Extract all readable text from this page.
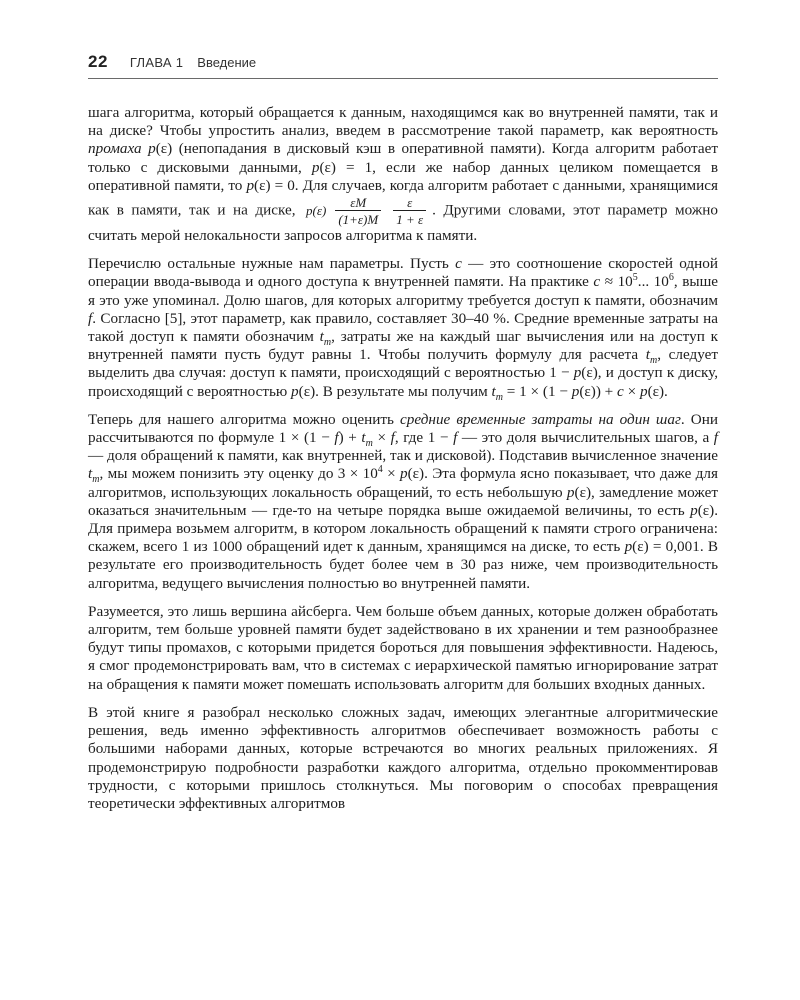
22 ГЛАВА 1 Введение

шага алгоритма, который обращается к данным, находящимся как во внутренней памяти, так и на диске? Чтобы упростить анализ, введем в рассмотрение такой параметр, как вероятность промаха p(ε) (непопадания в дисковый кэш в оперативной памяти). Когда алгоритм работает только с дисковыми данными, p(ε) = 1, если же набор данных целиком помещается в оперативной памяти, то p(ε) = 0. Для случаев, когда алгоритм работает с данными, хранящимися как в памяти, так и на диске, $p(\varepsilon) \frac{\varepsilon M}{(1+\varepsilon)M} \frac{\varepsilon}{1 + \varepsilon}$ . Другими словами, этот параметр можно считать мерой нелокальности запросов алгоритма к памяти.

Перечислю остальные нужные нам параметры. Пусть c — это соотношение скоростей одной операции ввода-вывода и одного доступа к внутренней памяти. На практике $c \approx 10^5$... $10^6$, выше я это уже упоминал. Долю шагов, для которых алгоритму требуется доступ к памяти, обозначим f. Согласно [5], этот параметр, как правило, составляет 30–40 %. Средние временные затраты на такой доступ к памяти обозначим $t_m$, затраты же на каждый шаг вычисления или на доступ к внутренней памяти пусть будут равны 1. Чтобы получить формулу для расчета $t_m$, следует выделить два случая: доступ к памяти, происходящий с вероятностью 1 − p(ε), и доступ к диску, происходящий с вероятностью p(ε). В результате мы получим $t_m = 1 \times (1 - p(\varepsilon)) + c \times p(\varepsilon)$.

Теперь для нашего алгоритма можно оценить средние временные затраты на один шаг. Они рассчитываются по формуле $1 \times (1 - f) + t_m \times f$, где 1 − f — это доля вычислительных шагов, а f — доля обращений к памяти, как внутренней, так и дисковой). Подставив вычисленное значение $t_m$, мы можем понизить эту оценку до $3 \times 10^4 \times p(\varepsilon)$. Эта формула ясно показывает, что даже для алгоритмов, использующих локальность обращений, то есть небольшую p(ε), замедление может оказаться значительным — где-то на четыре порядка выше ожидаемой величины, то есть p(ε). Для примера возьмем алгоритм, в котором локальность обращений к памяти строго ограничена: скажем, всего 1 из 1000 обращений идет к данным, хранящимся на диске, то есть p(ε) = 0,001. В результате его производительность будет более чем в 30 раз ниже, чем производительность алгоритма, ведущего вычисления полностью во внутренней памяти.

Разумеется, это лишь вершина айсберга. Чем больше объем данных, которые должен обработать алгоритм, тем больше уровней памяти будет задействовано в их хранении и тем разнообразнее будут типы промахов, с которыми придется бороться для повышения эффективности. Надеюсь, я смог продемонстрировать вам, что в системах с иерархической памятью игнорирование затрат на обращения к памяти может помешать использовать алгоритм для больших входных данных.

В этой книге я разобрал несколько сложных задач, имеющих элегантные алгоритмические решения, ведь именно эффективность алгоритмов обеспечивает возможность работы с большими наборами данных, которые встречаются во многих реальных приложениях. Я продемонстрирую подробности разработки каждого алгоритма, отдельно прокомментировав трудности, с которыми пришлось столкнуться. Мы поговорим о способах превращения теоретически эффективных алгоритмов
